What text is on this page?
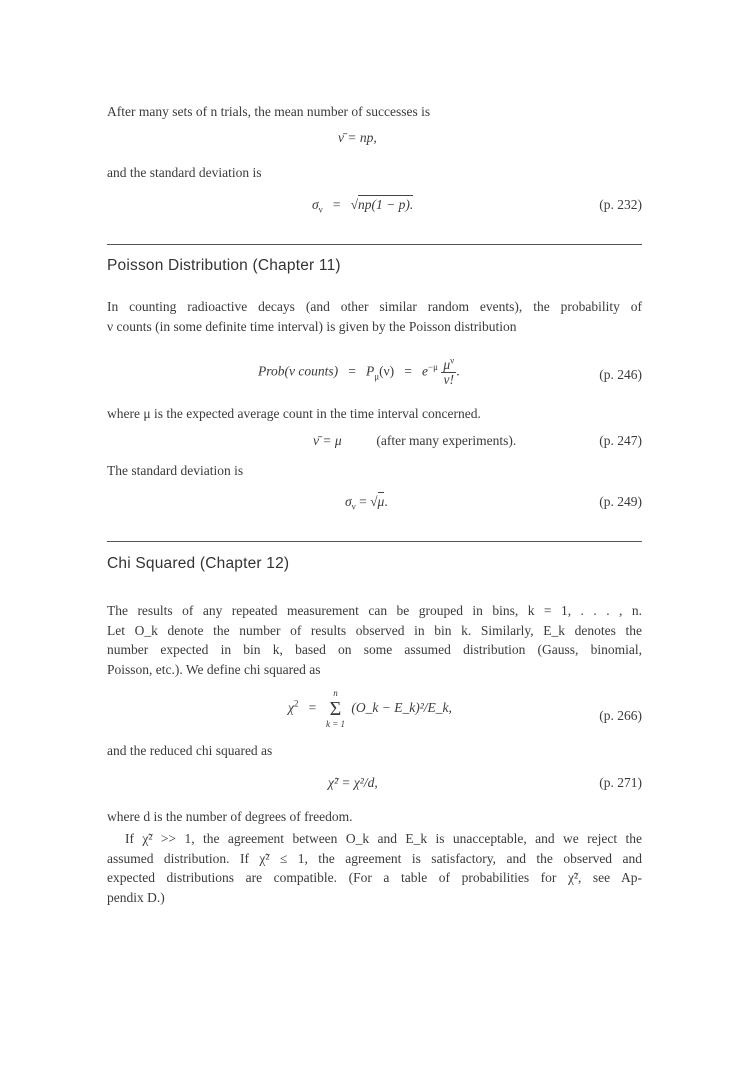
After many sets of n trials, the mean number of successes is
ν̄ = np,
and the standard deviation is
$\sigma_\nu = √np(1 - p)$.	(p. 232)
Poisson Distribution (Chapter 11)
In counting radioactive decays (and other similar random events), the probability of
ν counts (in some definite time interval) is given by the Poisson distribution
Prob(ν counts)   =   $P_\mu(\nu) = e^{-\mu} \frac{\mu^\nu}{\nu!}$ .	(p. 246)
where μ is the expected average count in the time interval concerned.
ν̄ = μ	(after many experiments).	(p. 247)
The standard deviation is
$\sigma_\nu = √\mu$.	(p. 249)
Chi Squared (Chapter 12)
The results of any repeated measurement can be grouped in bins, k = 1, . . . , n.
Let O_k denote the number of results observed in bin k. Similarly, E_k denotes the
number expected in bin k, based on some assumed distribution (Gauss, binomial,
Poisson, etc.). We define chi squared as
$\chi^2$ =
n
Σ
k = 1
(O_k − E_k)²/E_k,
(p. 266)
and the reduced chi squared as
χ̃² = χ²/d,	(p. 271)
where d is the number of degrees of freedom.
If χ̃² >> 1, the agreement between O_k and E_k is unacceptable, and we reject the
assumed distribution. If χ̃² ≤ 1, the agreement is satisfactory, and the observed and
expected distributions are compatible. (For a table of probabilities for χ̃², see Ap-
pendix D.)
